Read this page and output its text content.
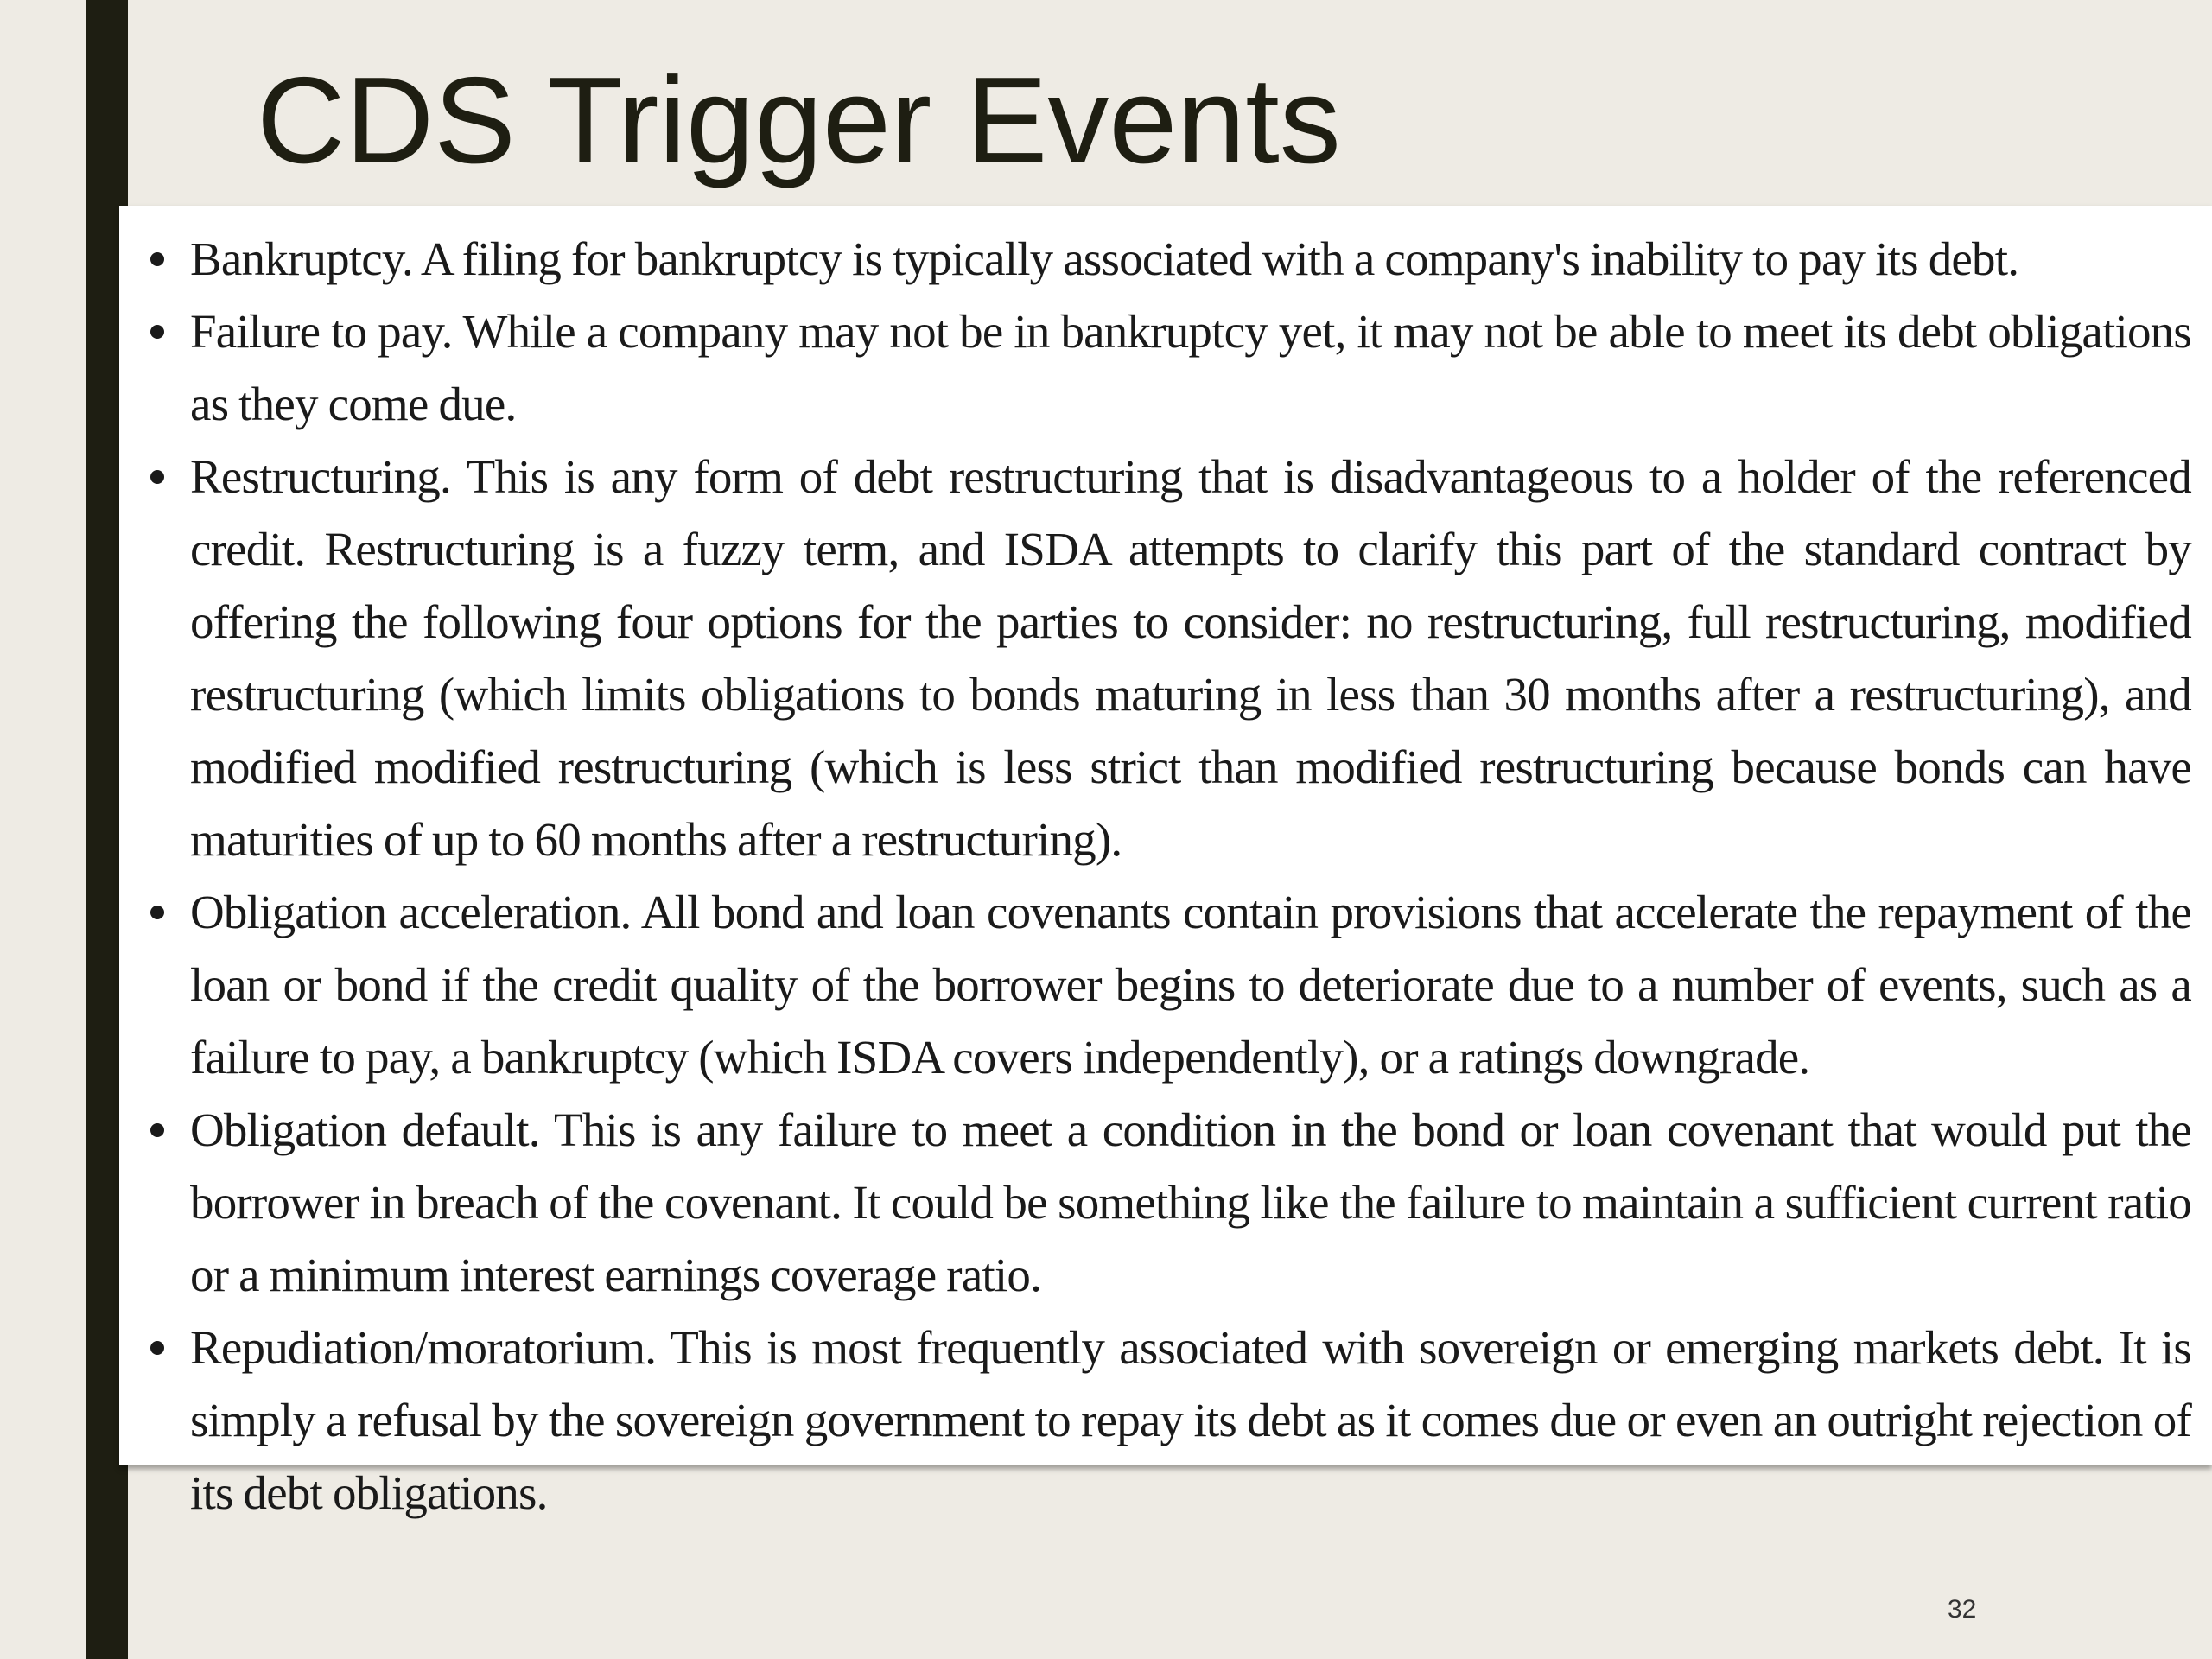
CDS Trigger Events
Bankruptcy. A filing for bankruptcy is typically associated with a company's inability to pay its debt.
Failure to pay. While a company may not be in bankruptcy yet, it may not be able to meet its debt obligations as they come due.
Restructuring. This is any form of debt restructuring that is disadvantageous to a holder of the referenced credit. Restructuring is a fuzzy term, and ISDA attempts to clarify this part of the standard contract by offering the following four options for the parties to consider: no restructuring, full restructuring, modified restructuring (which limits obligations to bonds maturing in less than 30 months after a restructuring), and modified modified restructuring (which is less strict than modified restructuring because bonds can have maturities of up to 60 months after a restructuring).
Obligation acceleration. All bond and loan covenants contain provisions that accelerate the repayment of the loan or bond if the credit quality of the borrower begins to deteriorate due to a number of events, such as a failure to pay, a bankruptcy (which ISDA covers independently), or a ratings downgrade.
Obligation default. This is any failure to meet a condition in the bond or loan covenant that would put the borrower in breach of the covenant. It could be something like the failure to maintain a sufficient current ratio or a minimum interest earnings coverage ratio.
Repudiation/moratorium. This is most frequently associated with sovereign or emerging markets debt. It is simply a refusal by the sovereign government to repay its debt as it comes due or even an outright rejection of its debt obligations.
32
